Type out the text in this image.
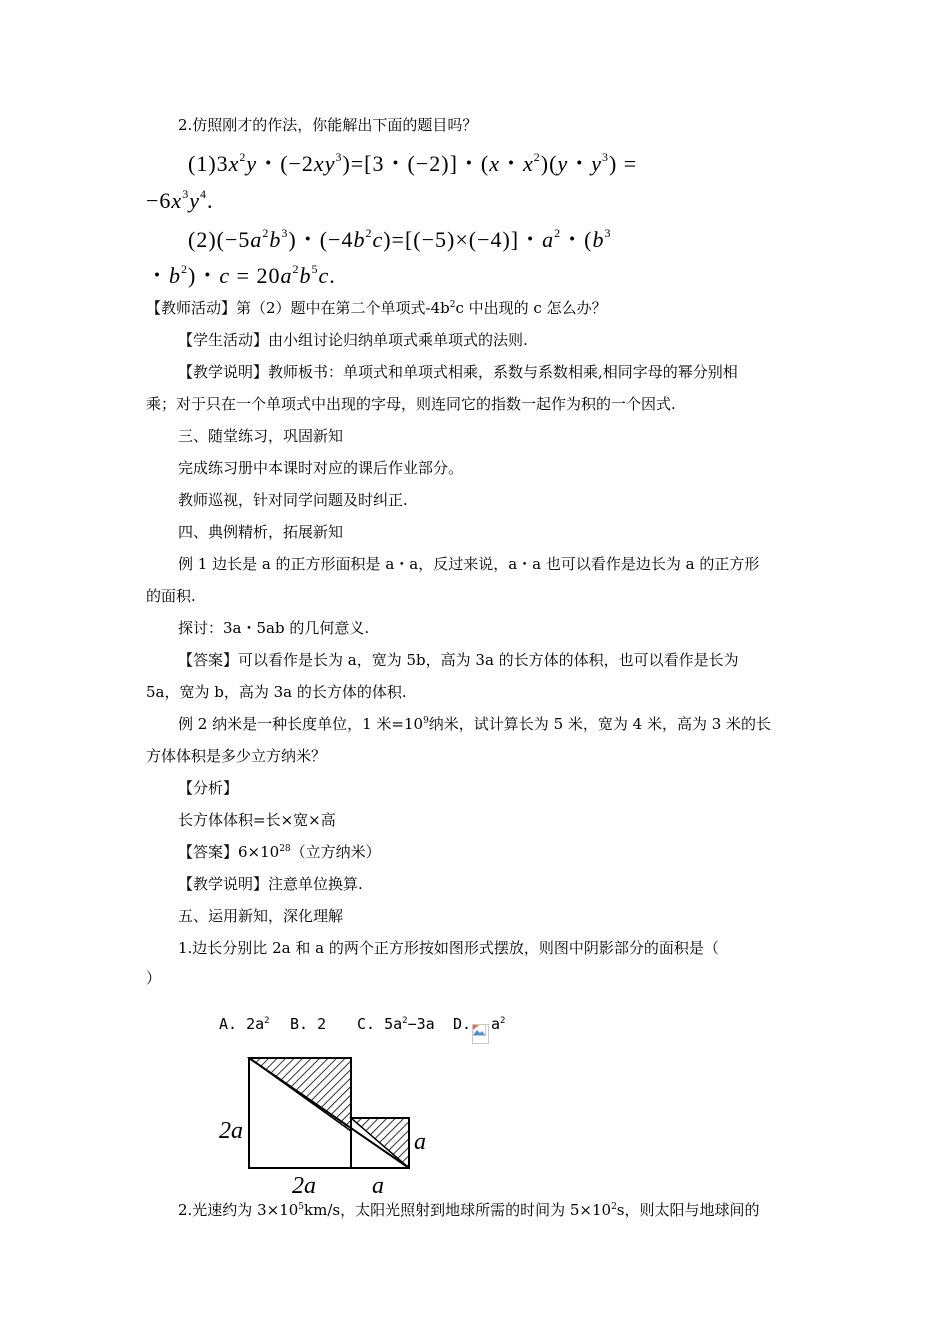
2.仿照刚才的作法，你能解出下面的题目吗？
$(1)3x^2y$・$(-2xy^3)=[3$・(−2)]・(x・$x^2)(y$・$y^3$) =
$-6x^3y^4$.
$(2)(-5a^2b^3)$・$(-4b^2c)=[(-5)\times(-4)]$・$a^2$・($b^3$
・$b^2$)・$c = 20a^2b^5c$.
【教师活动】第（2）题中在第二个单项式$-4b^2c$ 中出现的 c 怎么办？
【学生活动】由小组讨论归纳单项式乘单项式的法则.
【教学说明】教师板书：单项式和单项式相乘，系数与系数相乘,相同字母的幂分别相
乘；对于只在一个单项式中出现的字母，则连同它的指数一起作为积的一个因式.
三、随堂练习，巩固新知
完成练习册中本课时对应的课后作业部分。
教师巡视，针对同学问题及时纠正.
四、典例精析，拓展新知
例 1 边长是 a 的正方形面积是 a・a，反过来说，a・a 也可以看作是边长为 a 的正方形
的面积.
探讨：3a・5ab 的几何意义.
【答案】可以看作是长为 a，宽为 5b，高为 3a 的长方体的体积，也可以看作是长为
5a，宽为 b，高为 3a 的长方体的体积.
例 2 纳米是一种长度单位，1 米$=10^9$纳米，试计算长为 5 米，宽为 4 米，高为 3 米的长
方体体积是多少立方纳米？
【分析】
长方体体积=长×宽×高
【答案】$6\times 10^{28}$（立方纳米）
【教学说明】注意单位换算.
五、运用新知，深化理解
1.边长分别比 2a 和 a 的两个正方形按如图形式摆放，则图中阴影部分的面积是（
）
A. $2a^2$ B. 2 C. $5a^2-3a$ D. $a^2$
2a
2a
a
a
2.光速约为 $3\times 10^5km/s$，太阳光照射到地球所需的时间为 $5\times 10^2s$，则太阳与地球间的
